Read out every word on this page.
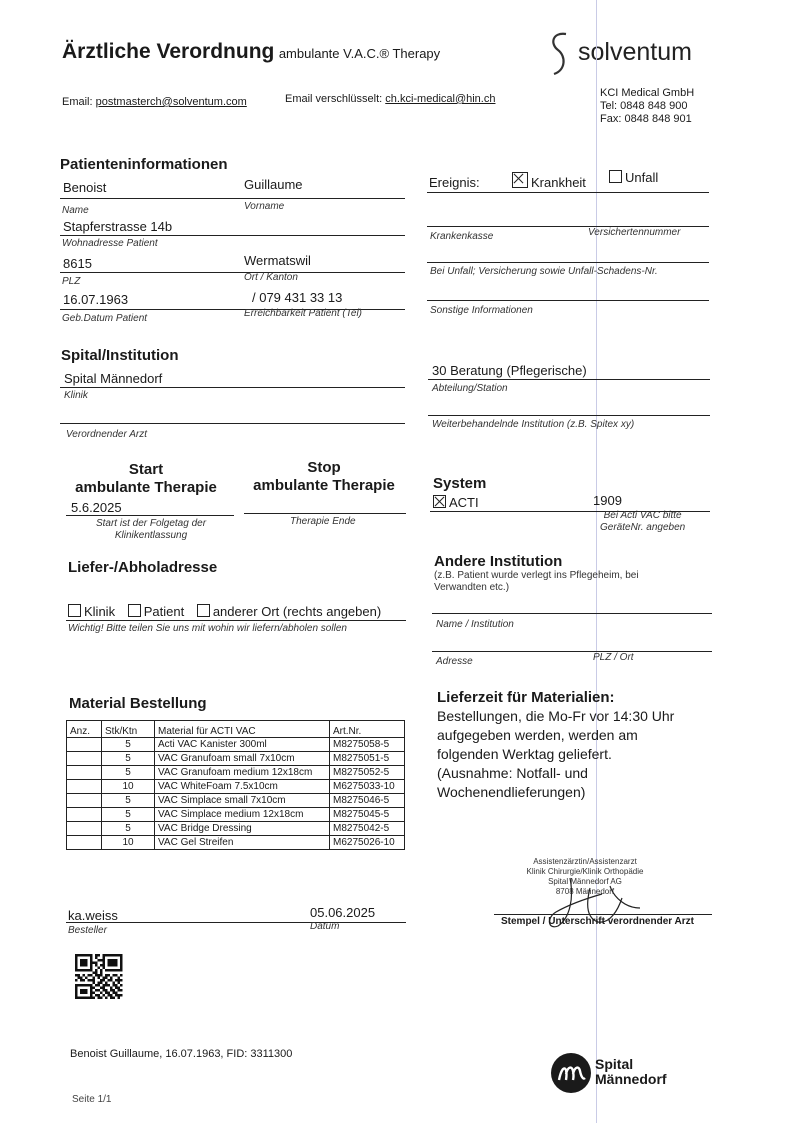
Ärztliche Verordnung ambulante V.A.C.® Therapy	solventum
Email: postmasterch@solventum.com	Email verschlüsselt: ch.kci-medical@hin.ch	KCI Medical GmbH
Tel: 0848 848 900
Fax: 0848 848 901
Patienteninformationen
Benoist	Guillaume
Name	Vorname
Stapferstrasse 14b
Wohnadresse Patient
8615	Wermatswil
PLZ	Ort / Kanton
16.07.1963	/ 079 431 33 13
Geb.Datum Patient	Erreichbarkeit Patient (Tel)
Ereignis:	Krankheit	Unfall
Krankenkasse	Versichertennummer
Bei Unfall; Versicherung sowie Unfall-Schadens-Nr.
Sonstige Informationen
Spital/Institution
Spital Männedorf
Klinik
Verordnender Arzt
30 Beratung (Pflegerische)
Abteilung/Station
Weiterbehandelnde Institution (z.B. Spitex xy)
Start
ambulante Therapie
5.6.2025
Start ist der Folgetag der
Klinikentlassung
Stop
ambulante Therapie
Therapie Ende
System
ACTI	1909
Bei Acti VAC bitte
GeräteNr. angeben
Liefer-/Abholadresse
Klinik Patient anderer Ort (rechts angeben)
Wichtig! Bitte teilen Sie uns mit wohin wir liefern/abholen sollen
Andere Institution
(z.B. Patient wurde verlegt ins Pflegeheim, bei
Verwandten etc.)
Name / Institution
Adresse	PLZ / Ort
Material Bestellung
Anz.	Stk/Ktn	Material für ACTI VAC	Art.Nr.
	5	Acti VAC Kanister 300ml	M8275058-5
	5	VAC Granufoam small 7x10cm	M8275051-5
	5	VAC Granufoam medium 12x18cm	M8275052-5
	10	VAC WhiteFoam 7.5x10cm	M6275033-10
	5	VAC Simplace small 7x10cm	M8275046-5
	5	VAC Simplace medium 12x18cm	M8275045-5
	5	VAC Bridge Dressing	M8275042-5
	10	VAC Gel Streifen	M6275026-10
Lieferzeit für Materialien:
Bestellungen, die Mo-Fr vor 14:30 Uhr
aufgegeben werden, werden am
folgenden Werktag geliefert.
(Ausnahme: Notfall- und
Wochenendlieferungen)
Assistenzärztin/Assistenzarzt
Klinik Chirurgie/Klinik Orthopädie
Spital Männedorf AG
8708 Männedorf
Stempel / Unterschrift verordnender Arzt
ka.weiss	05.06.2025
Besteller	Datum
Benoist Guillaume, 16.07.1963, FID: 3311300
Seite 1/1
Spital
Männedorf
